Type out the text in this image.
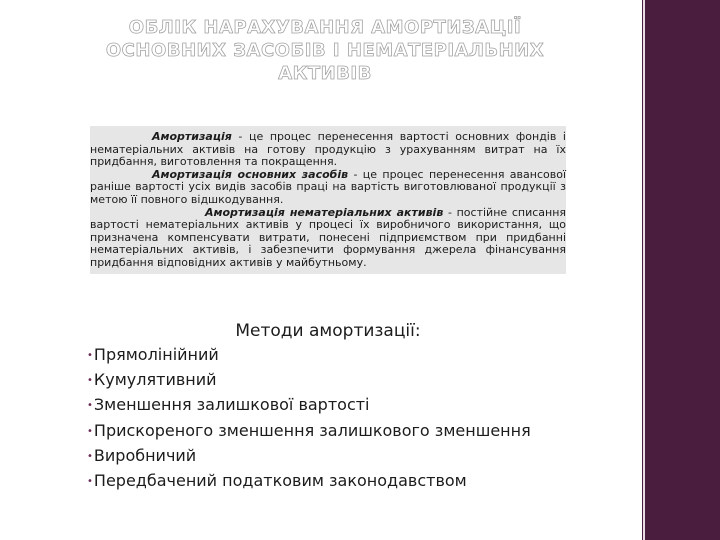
ОБЛІК НАРАХУВАННЯ АМОРТИЗАЦІЇ ОСНОВНИХ ЗАСОБІВ І НЕМАТЕРІАЛЬНИХ АКТИВІВ

Амортизація - це процес перенесення вартості основних фондів і нематеріальних активів на готову продукцію з урахуванням витрат на їх придбання, виготовлення та покращення.

Амортизація основних засобів - це процес перенесення авансової раніше вартості усіх видів засобів праці на вартість виготовлюваної продукції з метою її повного відшкодування.

Амортизація нематеріальних активів - постійне списання вартості нематеріальних активів у процесі їх виробничого використання, що призначена компенсувати витрати, понесені підприємством при придбанні нематеріальних активів, і забезпечити формування джерела фінансування придбання відповідних активів у майбутньому.

Методи амортизації:
•Прямолінійний
•Кумулятивний
•Зменшення залишкової вартості
•Прискореного зменшення залишкового зменшення
•Виробничий
•Передбачений податковим законодавством
